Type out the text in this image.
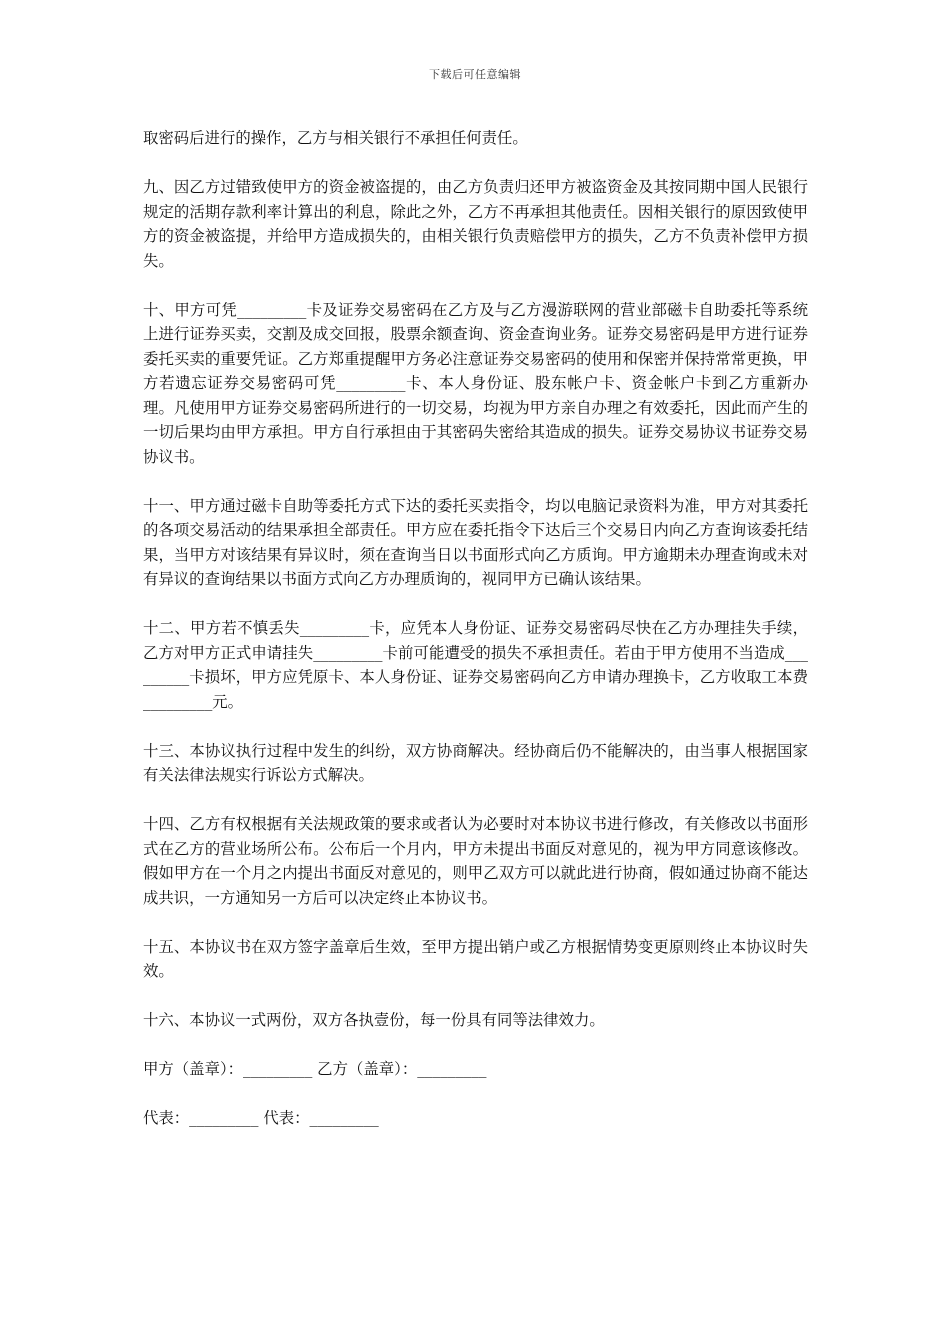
下载后可任意编辑

取密码后进行的操作，乙方与相关银行不承担任何责任。

九、因乙方过错致使甲方的资金被盗提的，由乙方负责归还甲方被盗资金及其按同期中国人民银行规定的活期存款利率计算出的利息，除此之外，乙方不再承担其他责任。因相关银行的原因致使甲方的资金被盗提，并给甲方造成损失的，由相关银行负责赔偿甲方的损失，乙方不负责补偿甲方损失。

十、甲方可凭_________卡及证券交易密码在乙方及与乙方漫游联网的营业部磁卡自助委托等系统上进行证券买卖，交割及成交回报，股票余额查询、资金查询业务。证券交易密码是甲方进行证券委托买卖的重要凭证。乙方郑重提醒甲方务必注意证券交易密码的使用和保密并保持常常更换，甲方若遗忘证券交易密码可凭_________卡、本人身份证、股东帐户卡、资金帐户卡到乙方重新办理。凡使用甲方证券交易密码所进行的一切交易，均视为甲方亲自办理之有效委托，因此而产生的一切后果均由甲方承担。甲方自行承担由于其密码失密给其造成的损失。证券交易协议书证券交易协议书。

十一、甲方通过磁卡自助等委托方式下达的委托买卖指令，均以电脑记录资料为准，甲方对其委托的各项交易活动的结果承担全部责任。甲方应在委托指令下达后三个交易日内向乙方查询该委托结果，当甲方对该结果有异议时，须在查询当日以书面形式向乙方质询。甲方逾期未办理查询或未对有异议的查询结果以书面方式向乙方办理质询的，视同甲方已确认该结果。

十二、甲方若不慎丢失_________卡，应凭本人身份证、证券交易密码尽快在乙方办理挂失手续，乙方对甲方正式申请挂失_________卡前可能遭受的损失不承担责任。若由于甲方使用不当造成_________卡损坏，甲方应凭原卡、本人身份证、证券交易密码向乙方申请办理换卡，乙方收取工本费_________元。

十三、本协议执行过程中发生的纠纷，双方协商解决。经协商后仍不能解决的，由当事人根据国家有关法律法规实行诉讼方式解决。

十四、乙方有权根据有关法规政策的要求或者认为必要时对本协议书进行修改，有关修改以书面形式在乙方的营业场所公布。公布后一个月内，甲方未提出书面反对意见的，视为甲方同意该修改。假如甲方在一个月之内提出书面反对意见的，则甲乙双方可以就此进行协商，假如通过协商不能达成共识，一方通知另一方后可以决定终止本协议书。

十五、本协议书在双方签字盖章后生效，至甲方提出销户或乙方根据情势变更原则终止本协议时失效。

十六、本协议一式两份，双方各执壹份，每一份具有同等法律效力。

甲方（盖章）：_________ 乙方（盖章）：_________

代表：_________ 代表：_________
